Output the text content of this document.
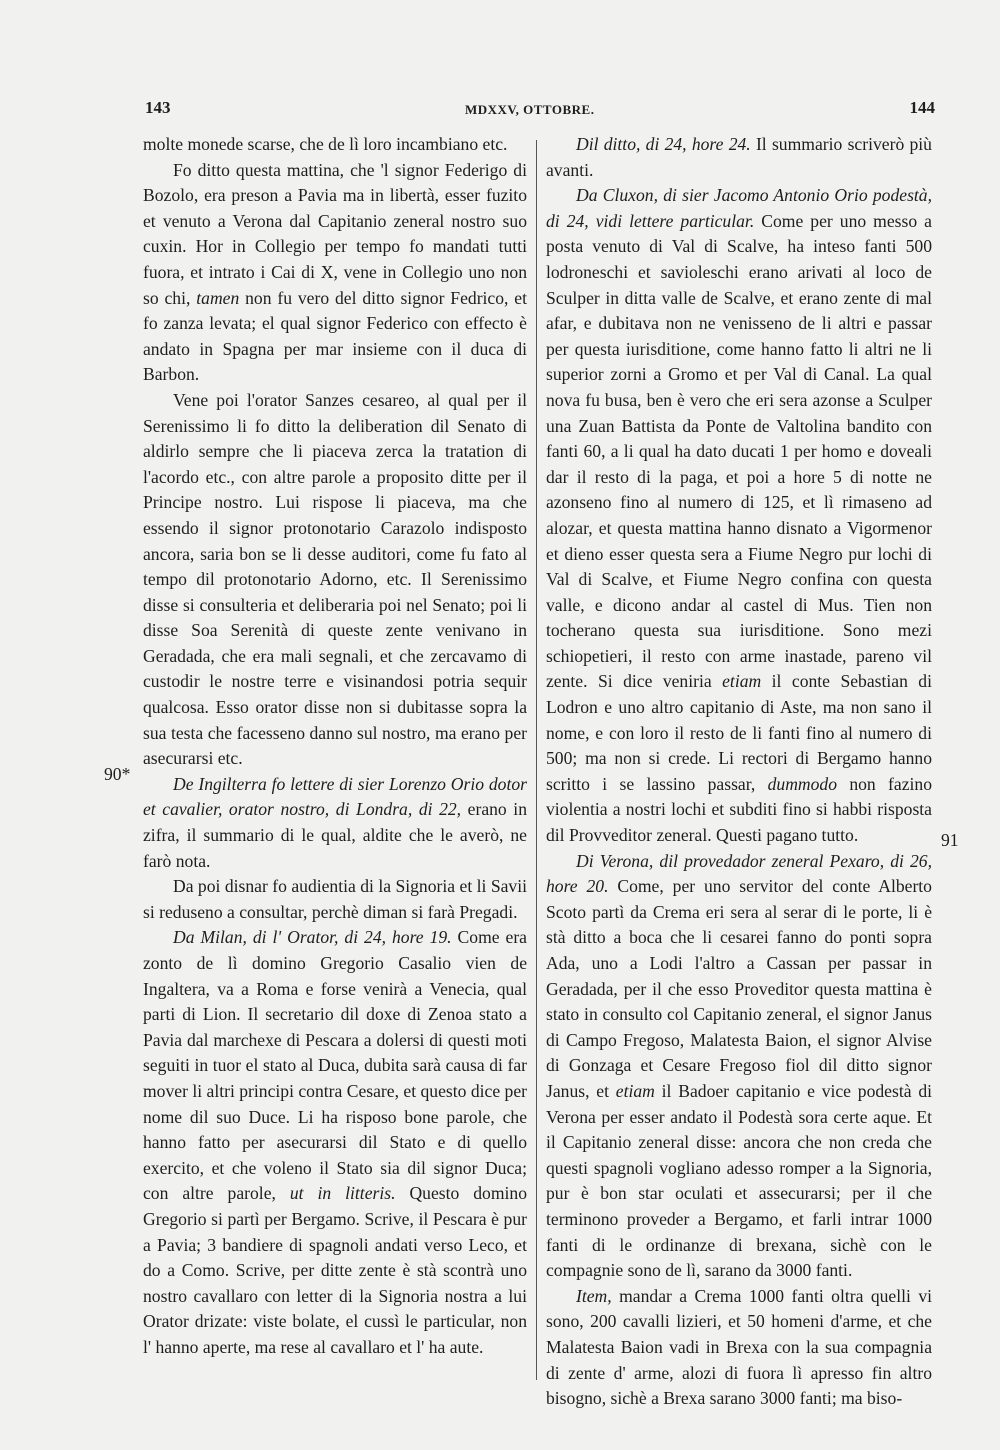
143	MDXXV, OTTOBRE.	144
90*
91

molte monede scarse, che de lì loro incambiano etc.

Fo ditto questa mattina, che 'l signor Federigo di Bozolo, era preson a Pavia ma in libertà, esser fuzito et venuto a Verona dal Capitanio zeneral nostro suo cuxin. Hor in Collegio per tempo fo mandati tutti fuora, et intrato i Cai di X, vene in Collegio uno non so chi, tamen non fu vero del ditto signor Fedrico, et fo zanza levata; el qual signor Federico con effecto è andato in Spagna per mar insieme con il duca di Barbon.

Vene poi l'orator Sanzes cesareo, al qual per il Serenissimo li fo ditto la deliberation dil Senato di aldirlo sempre che li piaceva zerca la tratation di l'acordo etc., con altre parole a proposito ditte per il Principe nostro. Lui rispose li piaceva, ma che essendo il signor protonotario Carazolo indisposto ancora, saria bon se li desse auditori, come fu fato al tempo dil protonotario Adorno, etc. Il Serenissimo disse si consulteria et deliberaria poi nel Senato; poi li disse Soa Serenità di queste zente venivano in Geradada, che era mali segnali, et che zercavamo di custodir le nostre terre e visinandosi potria sequir qualcosa. Esso orator disse non si dubitasse sopra la sua testa che facesseno danno sul nostro, ma erano per asecurarsi etc.

De Ingilterra fo lettere di sier Lorenzo Orio dotor et cavalier, orator nostro, di Londra, di 22, erano in zifra, il summario di le qual, aldite che le averò, ne farò nota.

Da poi disnar fo audientia di la Signoria et li Savii si reduseno a consultar, perchè diman si farà Pregadi.

Da Milan, di l' Orator, di 24, hore 19. Come era zonto de lì domino Gregorio Casalio vien de Ingaltera, va a Roma e forse venirà a Venecia, qual parti di Lion. Il secretario dil doxe di Zenoa stato a Pavia dal marchexe di Pescara a dolersi di questi moti seguiti in tuor el stato al Duca, dubita sarà causa di far mover li altri principi contra Cesare, et questo dice per nome dil suo Duce. Li ha risposo bone parole, che hanno fatto per asecurarsi dil Stato e di quello exercito, et che voleno il Stato sia dil signor Duca; con altre parole, ut in litteris. Questo domino Gregorio si partì per Bergamo. Scrive, il Pescara è pur a Pavia; 3 bandiere di spagnoli andati verso Leco, et do a Como. Scrive, per ditte zente è stà scontrà uno nostro cavallaro con letter di la Signoria nostra a lui Orator drizate: viste bolate, el cussì le particular, non l' hanno aperte, ma rese al cavallaro et l' ha aute.

Dil ditto, di 24, hore 24. Il summario scriverò più avanti.

Da Cluxon, di sier Jacomo Antonio Orio podestà, di 24, vidi lettere particular. Come per uno messo a posta venuto di Val di Scalve, ha inteso fanti 500 lodroneschi et savioleschi erano arivati al loco de Sculper in ditta valle de Scalve, et erano zente di mal afar, e dubitava non ne venisseno de li altri e passar per questa iurisditione, come hanno fatto li altri ne li superior zorni a Gromo et per Val di Canal. La qual nova fu busa, ben è vero che eri sera azonse a Sculper una Zuan Battista da Ponte de Valtolina bandito con fanti 60, a li qual ha dato ducati 1 per homo e doveali dar il resto di la paga, et poi a hore 5 di notte ne azonseno fino al numero di 125, et lì rimaseno ad alozar, et questa mattina hanno disnato a Vigormenor et dieno esser questa sera a Fiume Negro pur lochi di Val di Scalve, et Fiume Negro confina con questa valle, e dicono andar al castel di Mus. Tien non tocherano questa sua iurisditione. Sono mezi schiopetieri, il resto con arme inastade, pareno vil zente. Si dice veniria etiam il conte Sebastian di Lodron e uno altro capitanio di Aste, ma non sano il nome, e con loro il resto de li fanti fino al numero di 500; ma non si crede. Li rectori di Bergamo hanno scritto i se lassino passar, dummodo non fazino violentia a nostri lochi et subditi fino si habbi risposta dil Provveditor zeneral. Questi pagano tutto.

Di Verona, dil provedador zeneral Pexaro, di 26, hore 20. Come, per uno servitor del conte Alberto Scoto partì da Crema eri sera al serar di le porte, li è stà ditto a boca che li cesarei fanno do ponti sopra Ada, uno a Lodi l'altro a Cassan per passar in Geradada, per il che esso Proveditor questa mattina è stato in consulto col Capitanio zeneral, el signor Janus di Campo Fregoso, Malatesta Baion, el signor Alvise di Gonzaga et Cesare Fregoso fiol dil ditto signor Janus, et etiam il Badoer capitanio e vice podestà di Verona per esser andato il Podestà sora certe aque. Et il Capitanio zeneral disse: ancora che non creda che questi spagnoli vogliano adesso romper a la Signoria, pur è bon star oculati et assecurarsi; per il che terminono proveder a Bergamo, et farli intrar 1000 fanti di le ordinanze di brexana, sichè con le compagnie sono de lì, sarano da 3000 fanti.

Item, mandar a Crema 1000 fanti oltra quelli vi sono, 200 cavalli lizieri, et 50 homeni d'arme, et che Malatesta Baion vadi in Brexa con la sua compagnia di zente d' arme, alozi di fuora lì apresso fin altro bisogno, sichè a Brexa sarano 3000 fanti; ma biso-
